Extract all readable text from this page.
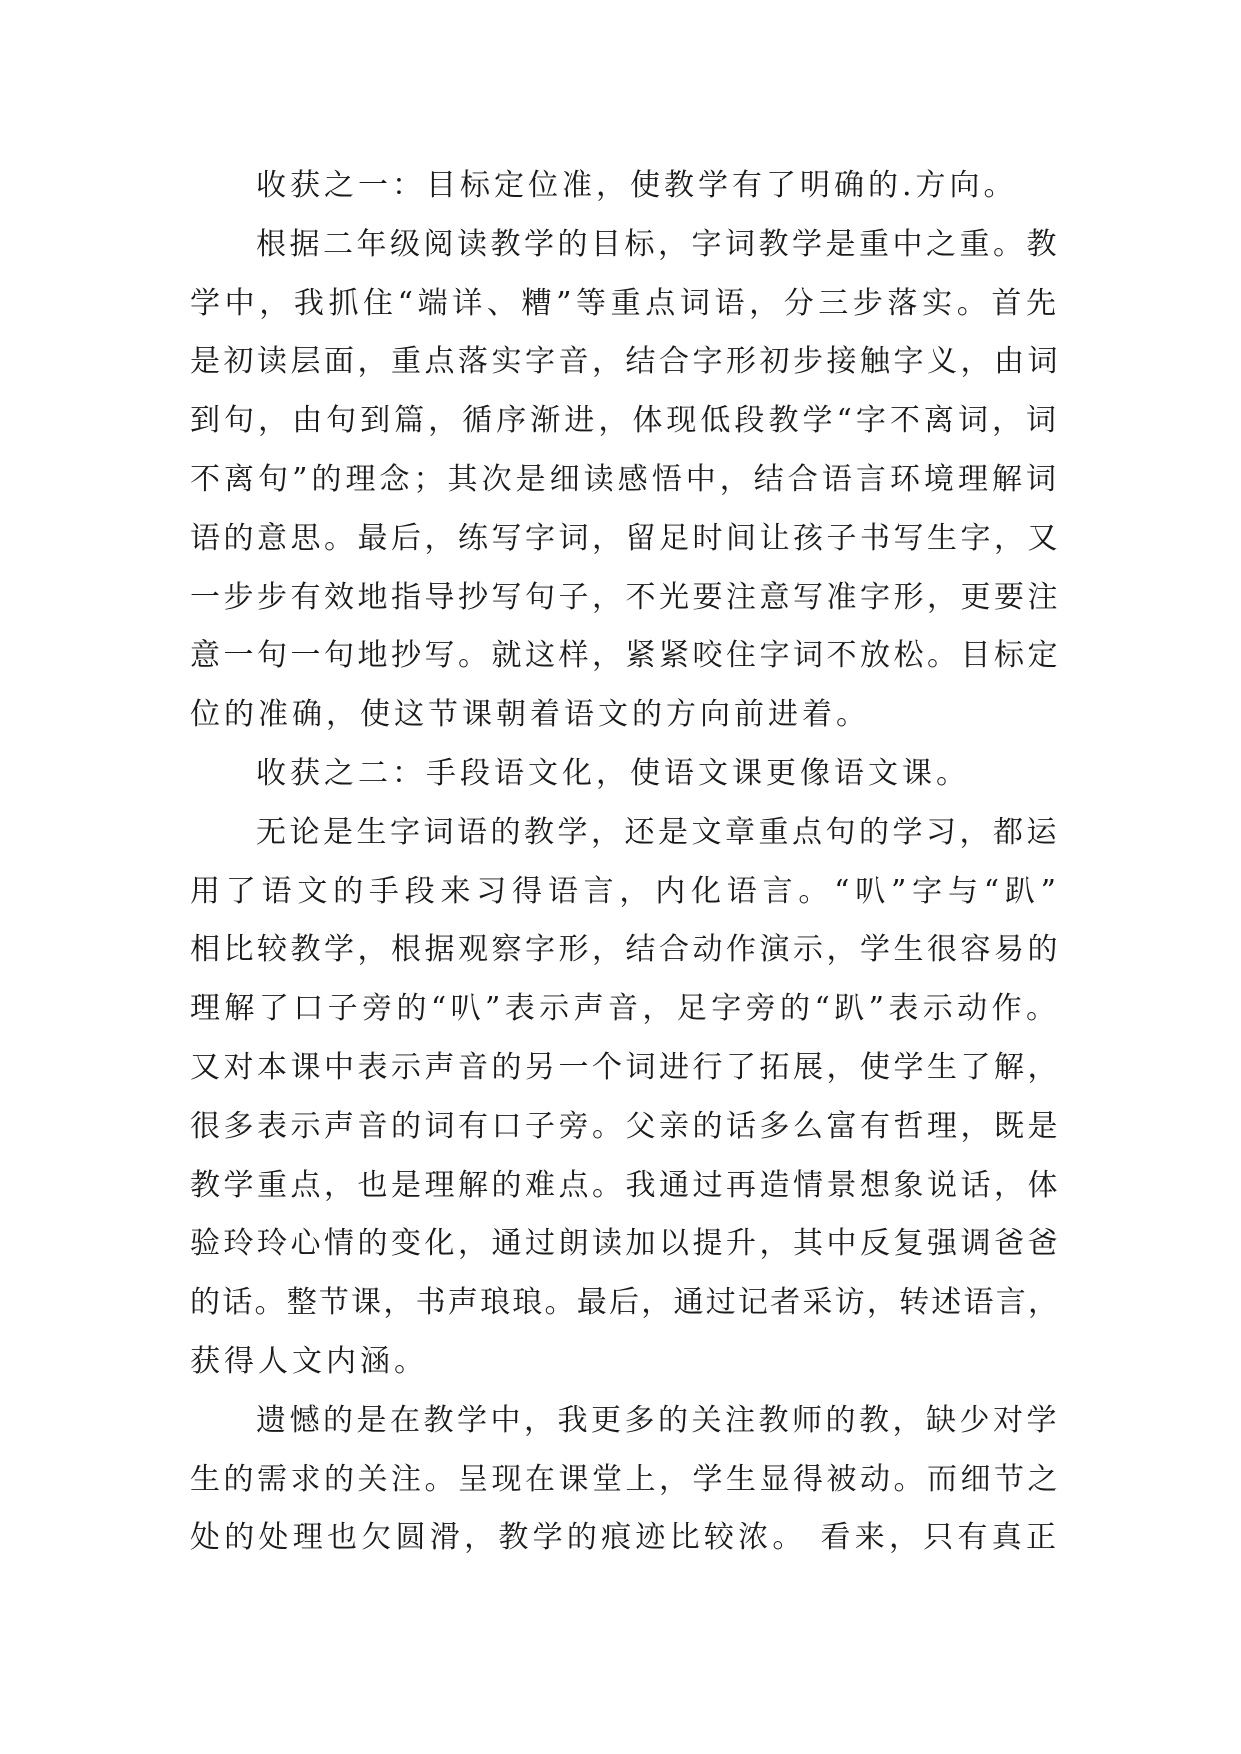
收获之一：目标定位准，使教学有了明确的.方向。
根据二年级阅读教学的目标，字词教学是重中之重。教
学中，我抓住“端详、糟”等重点词语，分三步落实。首先
是初读层面，重点落实字音，结合字形初步接触字义，由词
到句，由句到篇，循序渐进，体现低段教学“字不离词，词
不离句”的理念；其次是细读感悟中，结合语言环境理解词
语的意思。最后，练写字词，留足时间让孩子书写生字，又
一步步有效地指导抄写句子，不光要注意写准字形，更要注
意一句一句地抄写。就这样，紧紧咬住字词不放松。目标定
位的准确，使这节课朝着语文的方向前进着。
收获之二：手段语文化，使语文课更像语文课。
无论是生字词语的教学，还是文章重点句的学习，都运
用了语文的手段来习得语言，内化语言。“叭”字与“趴”
相比较教学，根据观察字形，结合动作演示，学生很容易的
理解了口子旁的“叭”表示声音，足字旁的“趴”表示动作。
又对本课中表示声音的另一个词进行了拓展，使学生了解，
很多表示声音的词有口子旁。父亲的话多么富有哲理，既是
教学重点，也是理解的难点。我通过再造情景想象说话，体
验玲玲心情的变化，通过朗读加以提升，其中反复强调爸爸
的话。整节课，书声琅琅。最后，通过记者采访，转述语言，
获得人文内涵。
遗憾的是在教学中，我更多的关注教师的教，缺少对学
生的需求的关注。呈现在课堂上，学生显得被动。而细节之
处的处理也欠圆滑，教学的痕迹比较浓。 看来，只有真正
